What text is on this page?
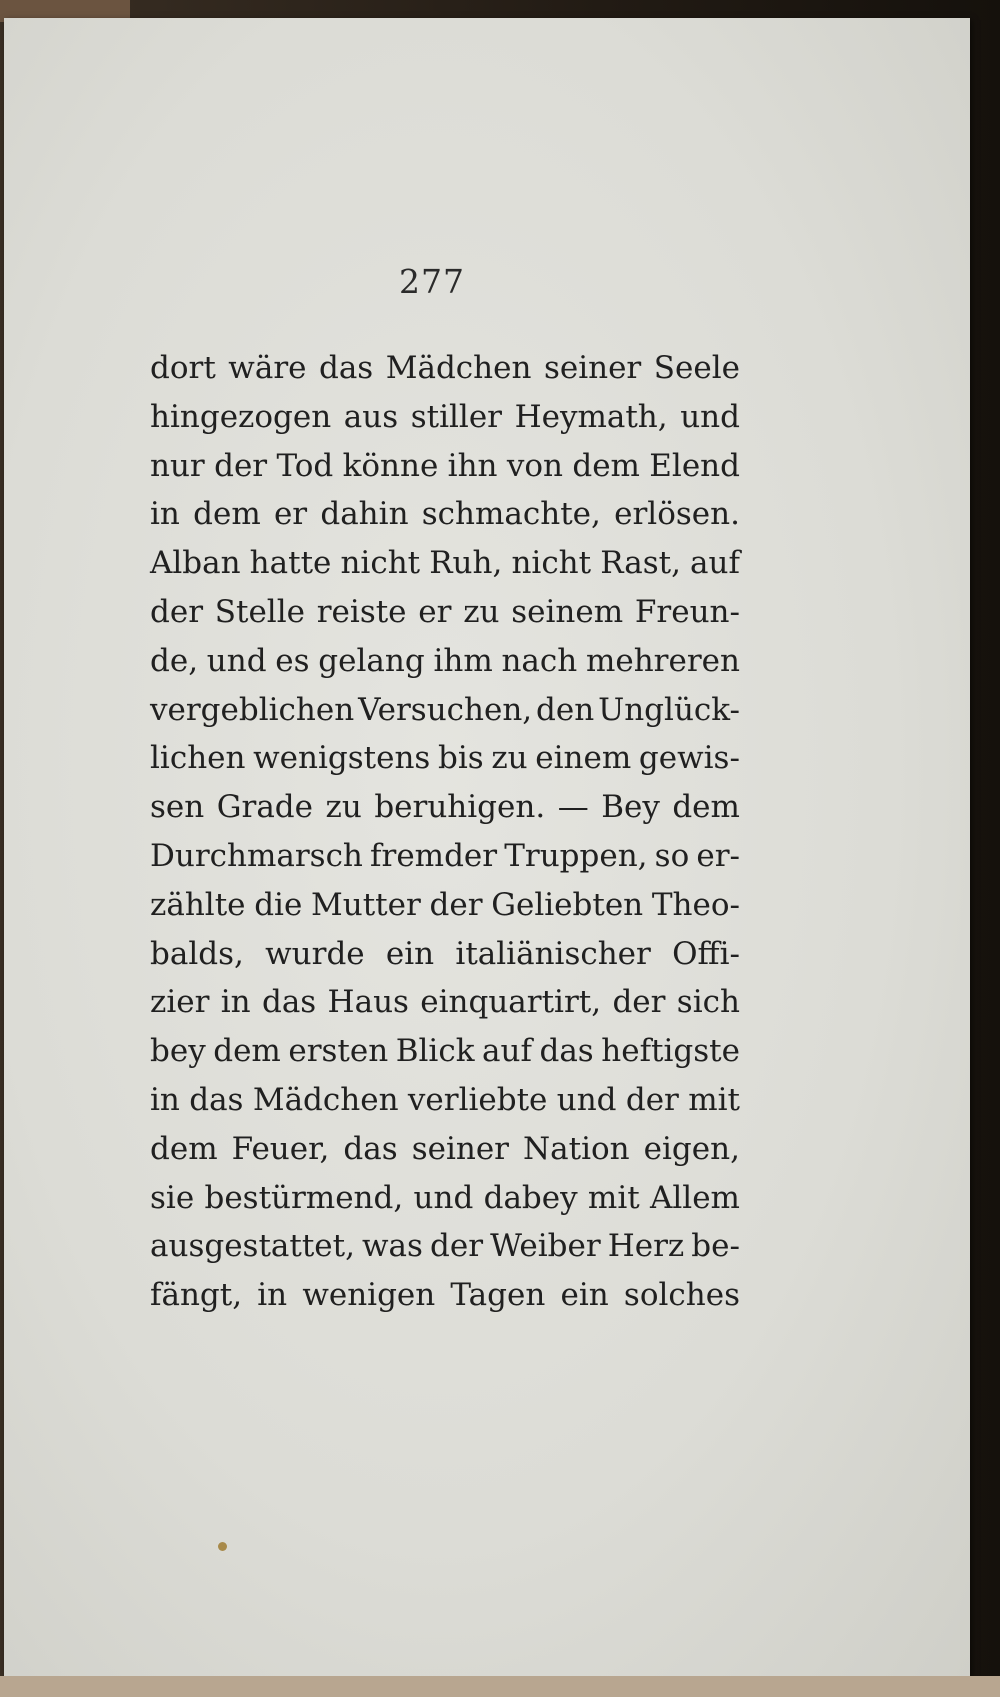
277
dort wäre das Mädchen seiner Seele
hingezogen aus stiller Heymath, und
nur der Tod könne ihn von dem Elend
in dem er dahin schmachte, erlösen.
Alban hatte nicht Ruh, nicht Rast, auf
der Stelle reiste er zu seinem Freun-
de, und es gelang ihm nach mehreren
vergeblichen Versuchen, den Unglück-
lichen wenigstens bis zu einem gewis-
sen Grade zu beruhigen. — Bey dem
Durchmarsch fremder Truppen, so er-
zählte die Mutter der Geliebten Theo-
balds, wurde ein italiänischer Offi-
zier in das Haus einquartirt, der sich
bey dem ersten Blick auf das heftigste
in das Mädchen verliebte und der mit
dem Feuer, das seiner Nation eigen,
sie bestürmend, und dabey mit Allem
ausgestattet, was der Weiber Herz be-
fängt, in wenigen Tagen ein solches
